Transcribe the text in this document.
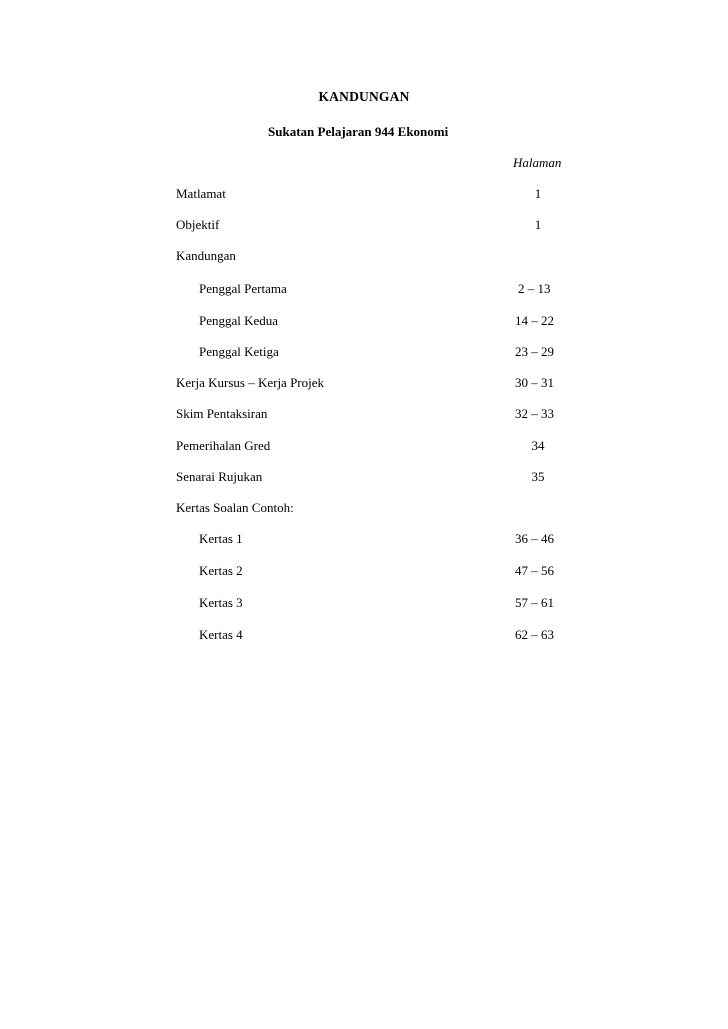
KANDUNGAN
Sukatan Pelajaran 944 Ekonomi
Halaman
Matlamat	1
Objektif	1
Kandungan
Penggal Pertama	2 – 13
Penggal Kedua	14 – 22
Penggal Ketiga	23 – 29
Kerja Kursus – Kerja Projek	30 – 31
Skim Pentaksiran	32 – 33
Pemerihalan Gred	34
Senarai Rujukan	35
Kertas Soalan Contoh:
Kertas 1	36 – 46
Kertas 2	47 – 56
Kertas 3	57 – 61
Kertas 4	62 – 63
